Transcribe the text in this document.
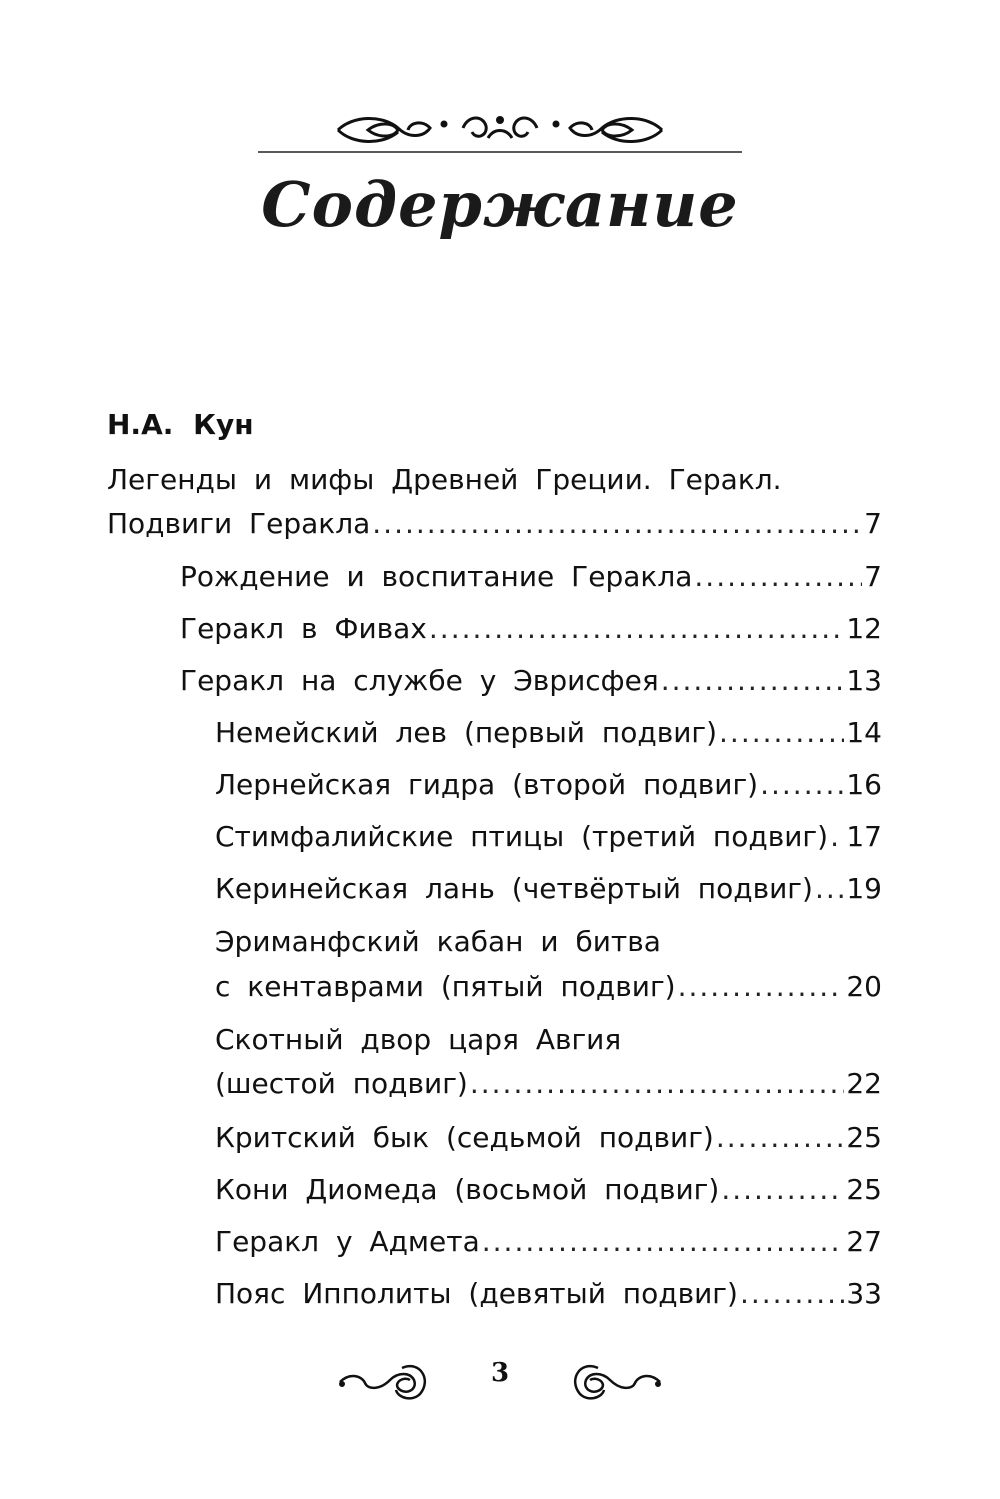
Содержание
Н.А. Кун
Легенды и мифы Древней Греции. Геракл.
Подвиги Геракла .....	7
Рождение и воспитание Геракла .....	7
Геракл в Фивах .....	12
Геракл на службе у Эврисфея .....	13
Немейский лев (первый подвиг) .....	14
Лернейская гидра (второй подвиг) .....	16
Стимфалийские птицы (третий подвиг) ..... 17
Керинейская лань (четвёртый подвиг) ..... 19
Эриманфский кабан и битва
с кентаврами (пятый подвиг) .....	20
Скотный двор царя Авгия
(шестой подвиг) .....	22
Критский бык (седьмой подвиг) .....	25
Кони Диомеда (восьмой подвиг) .....	25
Геракл у Адмета .....	27
Пояс Ипполиты (девятый подвиг) .....	33
3
